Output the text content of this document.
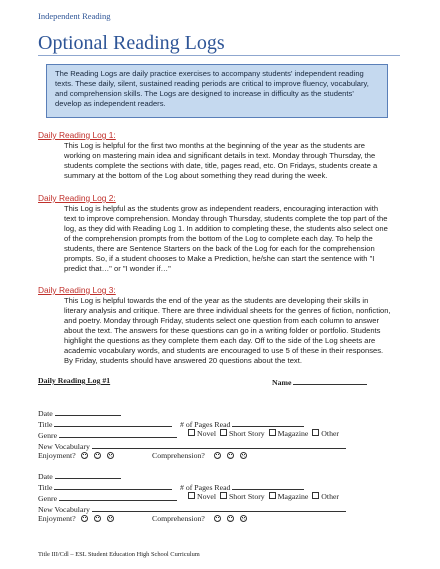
Independent Reading
Optional Reading Logs
The Reading Logs are daily practice exercises to accompany students' independent reading texts. These daily, silent, sustained reading periods are critical to improve fluency, vocabulary, and comprehension skills. The Logs are designed to increase in difficulty as the students' develop as independent readers.
Daily Reading Log 1:
This Log is helpful for the first two months at the beginning of the year as the students are working on mastering main idea and significant details in text. Monday through Thursday, the students complete the sections with date, title, pages read, etc. On Fridays, students create a summary at the bottom of the Log about something they read during the week.
Daily Reading Log 2:
This Log is helpful as the students grow as independent readers, encouraging interaction with text to improve comprehension. Monday through Thursday, students complete the top part of the log, as they did with Reading Log 1. In addition to completing these, the students also select one of the comprehension prompts from the bottom of the Log to complete each day. To help the students, there are Sentence Starters on the back of the Log for each for the comprehension prompts. So, if a student chooses to Make a Prediction, he/she can start the sentence with "I predict that…" or "I wonder if…"
Daily Reading Log 3:
This Log is helpful towards the end of the year as the students are developing their skills in literary analysis and critique. There are three individual sheets for the genres of fiction, nonfiction, and poetry. Monday through Friday, students select one question from each column to answer about the text. The answers for these questions can go in a writing folder or portfolio. Students highlight the questions as they complete them each day. Off to the side of the Log sheets are academic vocabulary words, and students are encouraged to use 5 of these in their responses. By Friday, students should have answered 20 questions about the text.
Daily Reading Log #1	Name
Date
Title	# of Pages Read
Genre	Novel Short Story Magazine Other
New Vocabulary
Enjoyment? ◡	–	◠	Comprehension?	◡	–	◠
Date
Title	# of Pages Read
Genre	Novel Short Story Magazine Other
New Vocabulary
Enjoyment? ◡	–	◠	Comprehension?	◡	–	◠
Title III/Cdl – ESL Student Education High School Curriculum
